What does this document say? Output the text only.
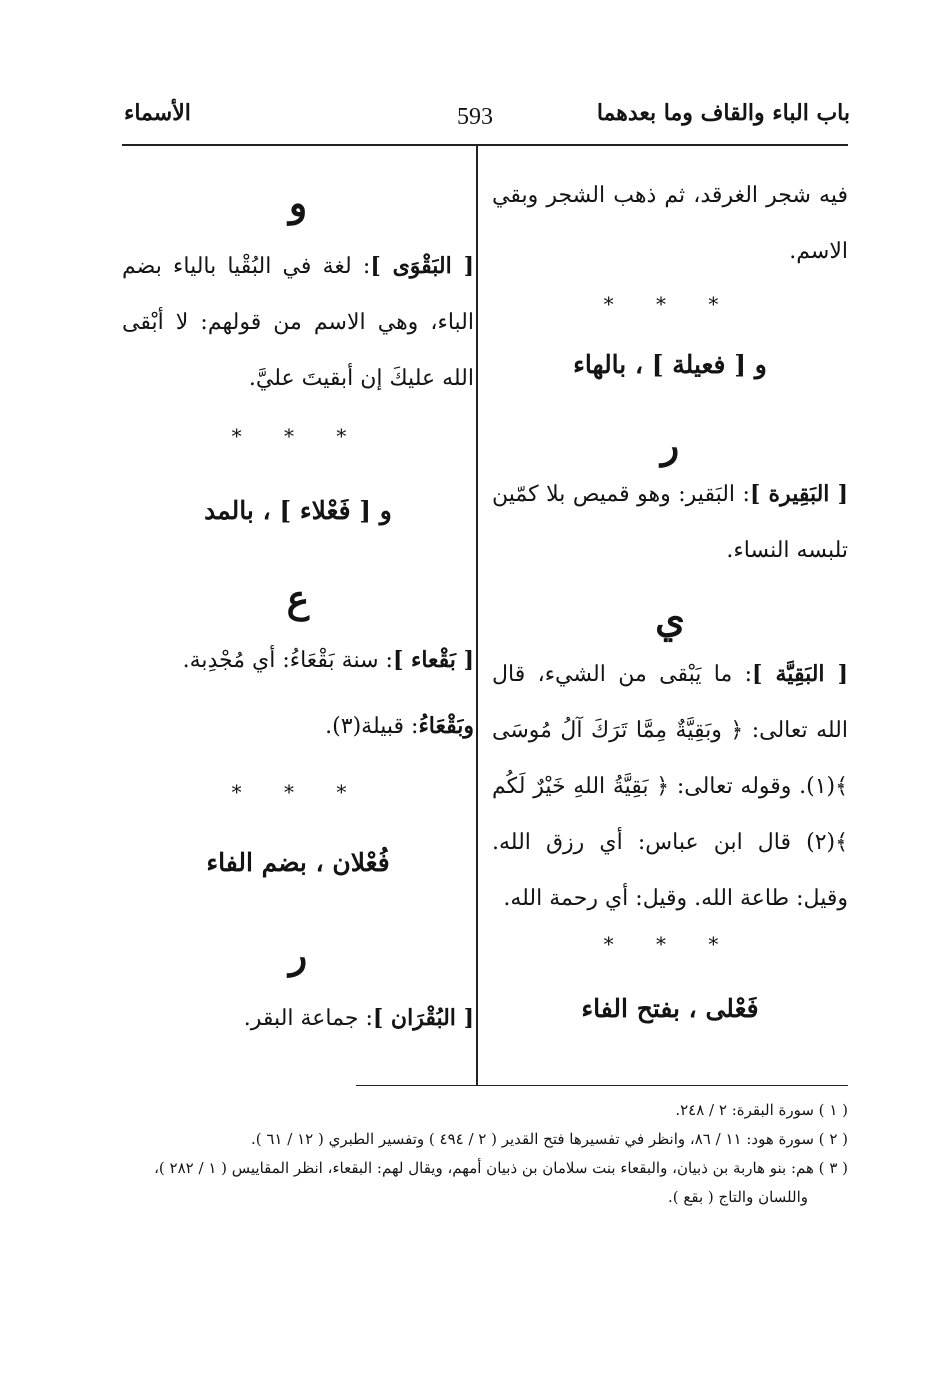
باب الباء والقاف وما بعدهما
593
الأسماء

فيه شجر الغرقد، ثم ذهب الشجر وبقي الاسم.

* * *

و [ فعيلة ] ، بالهاء

ر

[ البَقِيرة ]: البَقير: وهو قميص بلا كمّين تلبسه النساء.

ي

[ البَقِيَّة ]: ما يَبْقى من الشيء، قال الله تعالى: ﴿ وبَقِيَّةٌ مِمَّا تَرَكَ آلُ مُوسَى ﴾(١). وقوله تعالى: ﴿ بَقِيَّةُ اللهِ خَيْرٌ لَكُم ﴾(٢) قال ابن عباس: أي رزق الله. وقيل: طاعة الله. وقيل: أي رحمة الله.

* * *

فَعْلى ، بفتح الفاء

و

[ البَقْوَى ]: لغة في البُقْيا بالياء بضم الباء، وهي الاسم من قولهم: لا أبْقى الله عليكَ إن أبقيتَ عليَّ.

* * *

و [ فَعْلاء ] ، بالمد

ع

[ بَقْعاء ]: سنة بَقْعَاءُ: أي مُجْدِبة.

وبَقْعَاءُ: قبيلة(٣).

* * *

فُعْلان ، بضم الفاء

ر

[ البُقْرَان ]: جماعة البقر.

( ١ ) سورة البقرة: ٢ / ٢٤٨.
( ٢ ) سورة هود: ١١ / ٨٦، وانظر في تفسيرها فتح القدير ( ٢ / ٤٩٤ ) وتفسير الطبري ( ١٢ / ٦١ ).
( ٣ ) هم: بنو هاربة بن ذبيان، والبقعاء بنت سلامان بن ذبيان أمهم، ويقال لهم: البقعاء، انظر المقاييس ( ١ / ٢٨٢ )،
واللسان والتاج ( بقع ).
